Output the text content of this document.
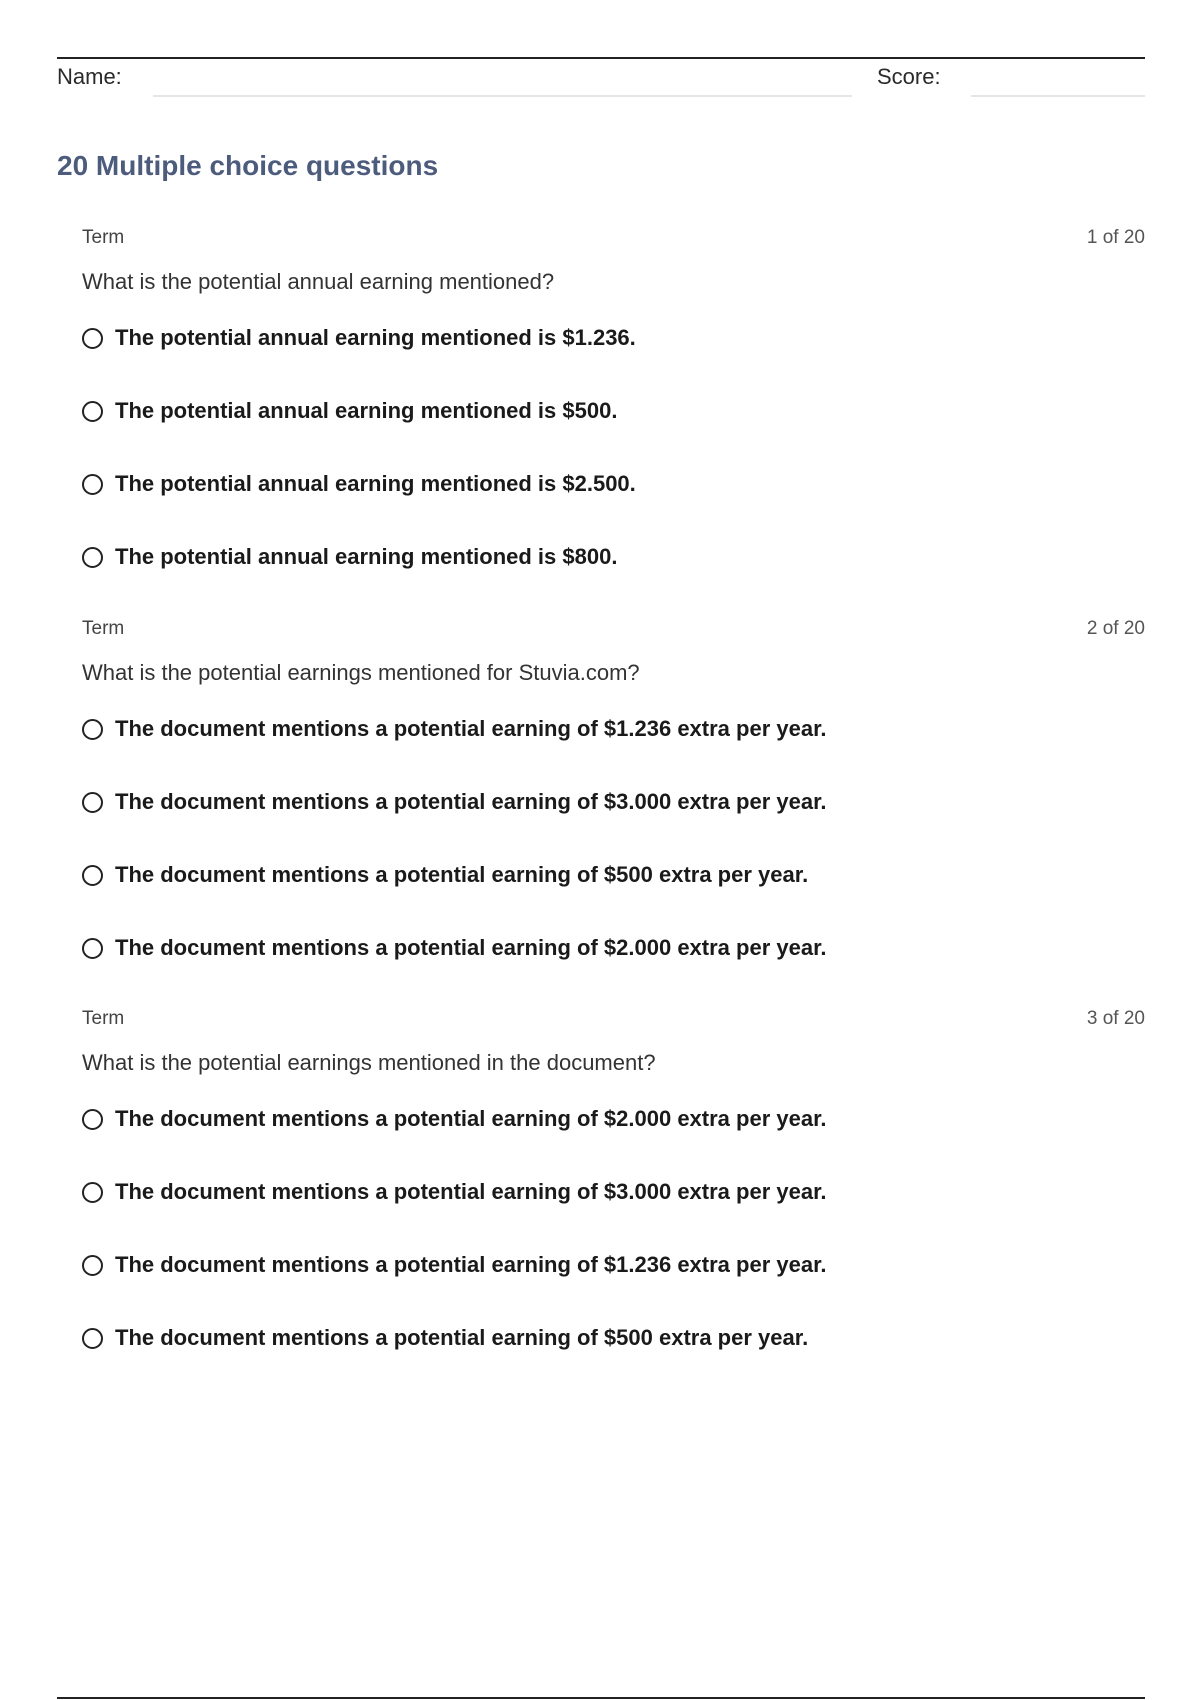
Name:	Score:
20 Multiple choice questions
Term	1 of 20
What is the potential annual earning mentioned?
The potential annual earning mentioned is $1.236.
The potential annual earning mentioned is $500.
The potential annual earning mentioned is $2.500.
The potential annual earning mentioned is $800.
Term	2 of 20
What is the potential earnings mentioned for Stuvia.com?
The document mentions a potential earning of $1.236 extra per year.
The document mentions a potential earning of $3.000 extra per year.
The document mentions a potential earning of $500 extra per year.
The document mentions a potential earning of $2.000 extra per year.
Term	3 of 20
What is the potential earnings mentioned in the document?
The document mentions a potential earning of $2.000 extra per year.
The document mentions a potential earning of $3.000 extra per year.
The document mentions a potential earning of $1.236 extra per year.
The document mentions a potential earning of $500 extra per year.
